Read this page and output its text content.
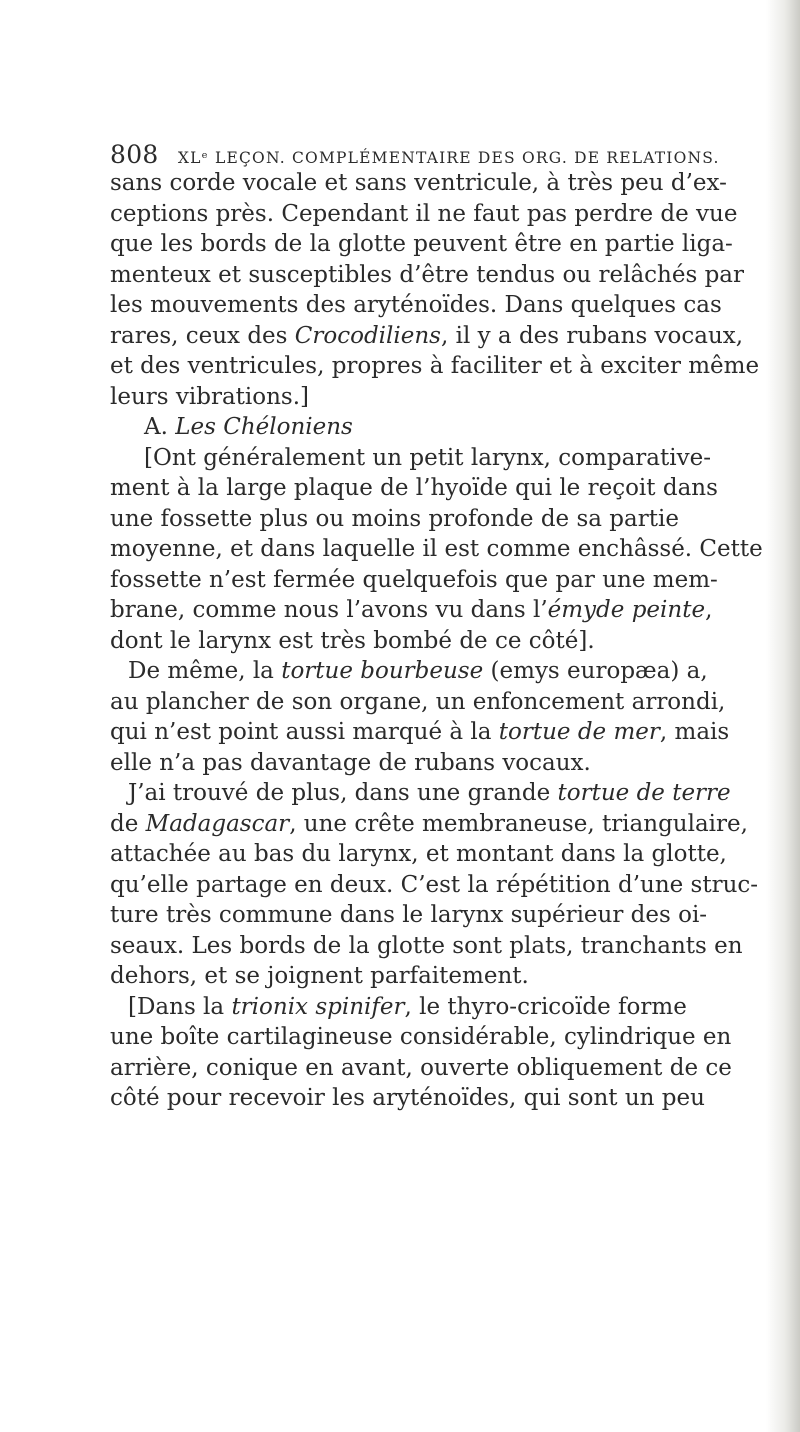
808 XLᵉ LEÇON. COMPLÉMENTAIRE DES ORG. DE RELATIONS.
sans corde vocale et sans ventricule, à très peu d’ex-
ceptions près. Cependant il ne faut pas perdre de vue
que les bords de la glotte peuvent être en partie liga-
menteux et susceptibles d’être tendus ou relâchés par
les mouvements des aryténoïdes. Dans quelques cas
rares, ceux des Crocodiliens, il y a des rubans vocaux,
et des ventricules, propres à faciliter et à exciter même
leurs vibrations.]
A. Les Chéloniens
[Ont généralement un petit larynx, comparative-
ment à la large plaque de l’hyoïde qui le reçoit dans
une fossette plus ou moins profonde de sa partie
moyenne, et dans laquelle il est comme enchâssé. Cette
fossette n’est fermée quelquefois que par une mem-
brane, comme nous l’avons vu dans l’émyde peinte,
dont le larynx est très bombé de ce côté].
De même, la tortue bourbeuse (emys europæa) a,
au plancher de son organe, un enfoncement arrondi,
qui n’est point aussi marqué à la tortue de mer, mais
elle n’a pas davantage de rubans vocaux.
J’ai trouvé de plus, dans une grande tortue de terre
de Madagascar, une crête membraneuse, triangulaire,
attachée au bas du larynx, et montant dans la glotte,
qu’elle partage en deux. C’est la répétition d’une struc-
ture très commune dans le larynx supérieur des oi-
seaux. Les bords de la glotte sont plats, tranchants en
dehors, et se joignent parfaitement.
[Dans la trionix spinifer, le thyro-cricoïde forme
une boîte cartilagineuse considérable, cylindrique en
arrière, conique en avant, ouverte obliquement de ce
côté pour recevoir les aryténoïdes, qui sont un peu
